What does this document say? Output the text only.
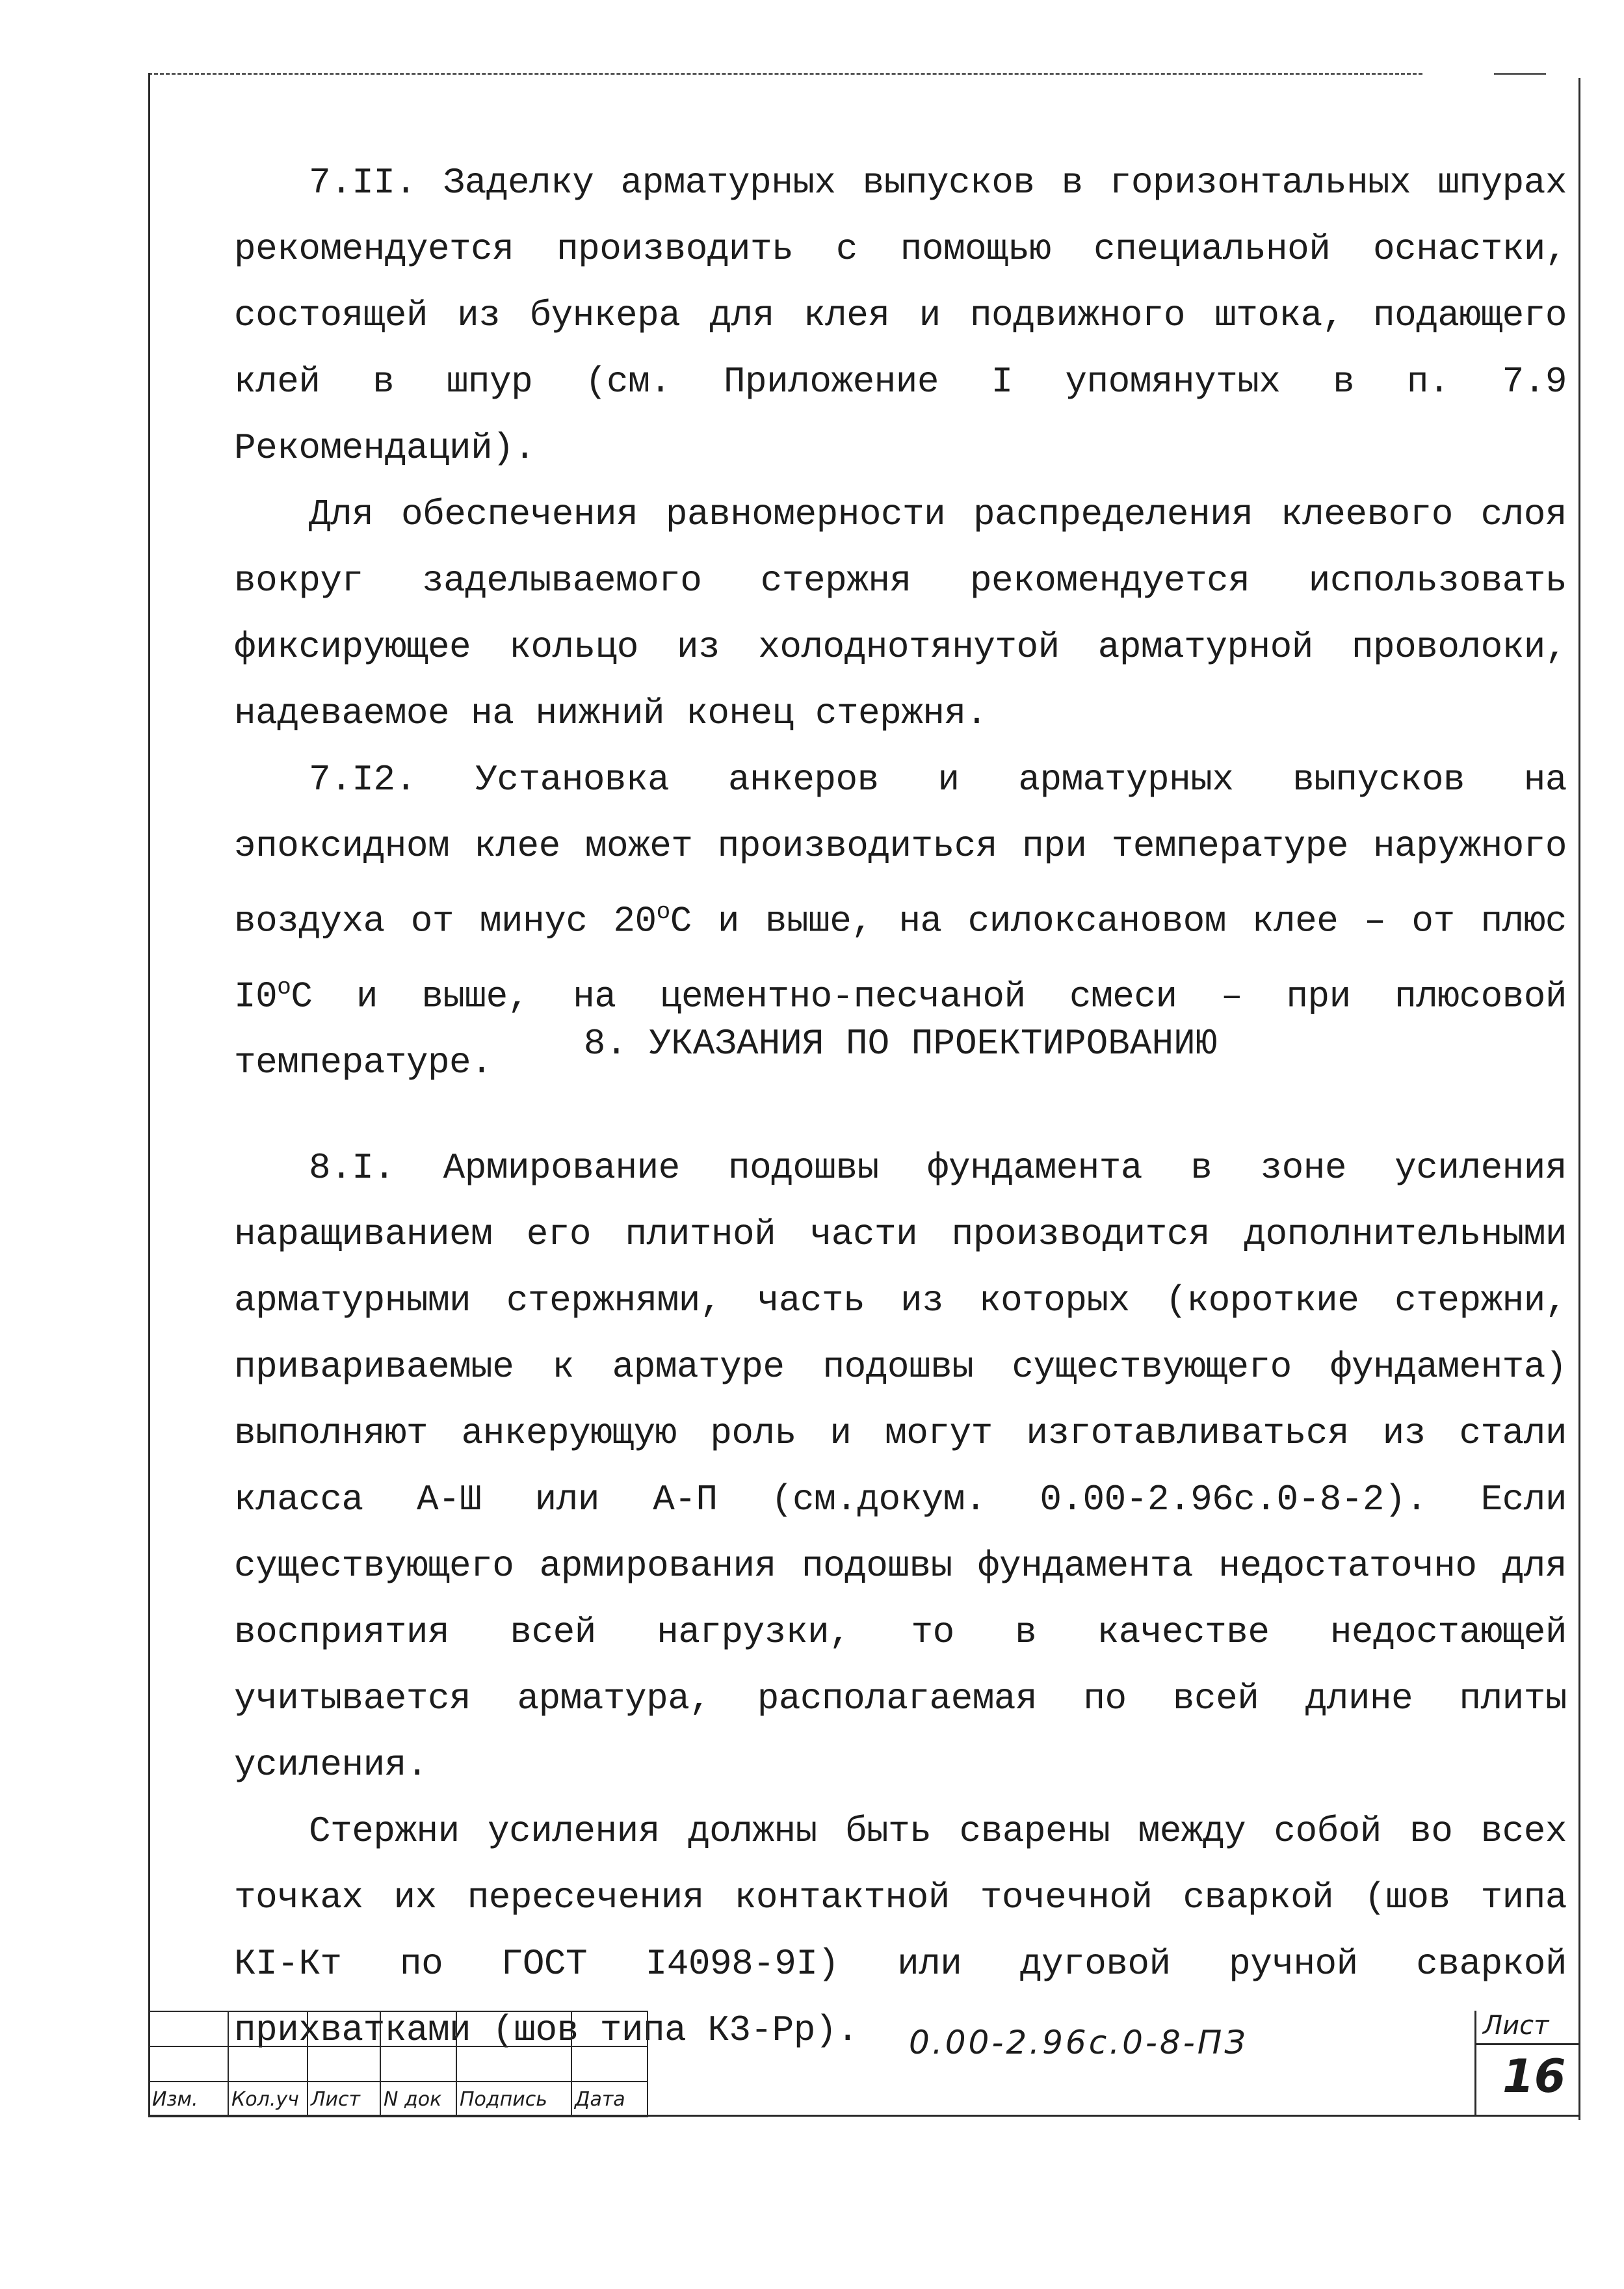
7.II. Заделку арматурных выпусков в горизонтальных шпурах рекомендуется производить с помощью специальной оснастки, состоящей из бункера для клея и подвижного штока, подающего клей в шпур (см. Приложение I упомянутых в п. 7.9 Рекомендаций).

Для обеспечения равномерности распределения клеевого слоя вокруг заделываемого стержня рекомендуется использовать фиксирующее кольцо из холоднотянутой арматурной проволоки, надеваемое на нижний конец стержня.

7.I2. Установка анкеров и арматурных выпусков на эпоксидном клее может производиться при температуре наружного воздуха от минус 20$^o$С и выше, на силоксановом клее – от плюс I0$^o$С и выше, на цементно-песчаной смеси – при плюсовой температуре.	8. УКАЗАНИЯ ПО ПРОЕКТИРОВАНИЮ

8.I. Армирование подошвы фундамента в зоне усиления наращиванием его плитной части производится дополнительными арматурными стержнями, часть из которых (короткие стержни, привариваемые к арматуре подошвы существующего фундамента) выполняют анкерующую роль и могут изготавливаться из стали класса А-Ш или А-П (см.докум. 0.00-2.96с.0-8-2). Если существующего армирования подошвы фундамента недостаточно для восприятия всей нагрузки, то в качестве недостающей учитывается арматура, располагаемая по всей длине плиты усиления.

Стержни усиления должны быть сварены между собой во всех точках их пересечения контактной точечной сваркой (шов типа КI-Кт по ГОСТ I4098-9I) или дуговой ручной сваркой прихватками (шов типа К3-Рр).

Изм.	Кол.уч	Лист	N док	Подпись	Дата
0.00-2.96с.0-8-ПЗ	Лист
16
